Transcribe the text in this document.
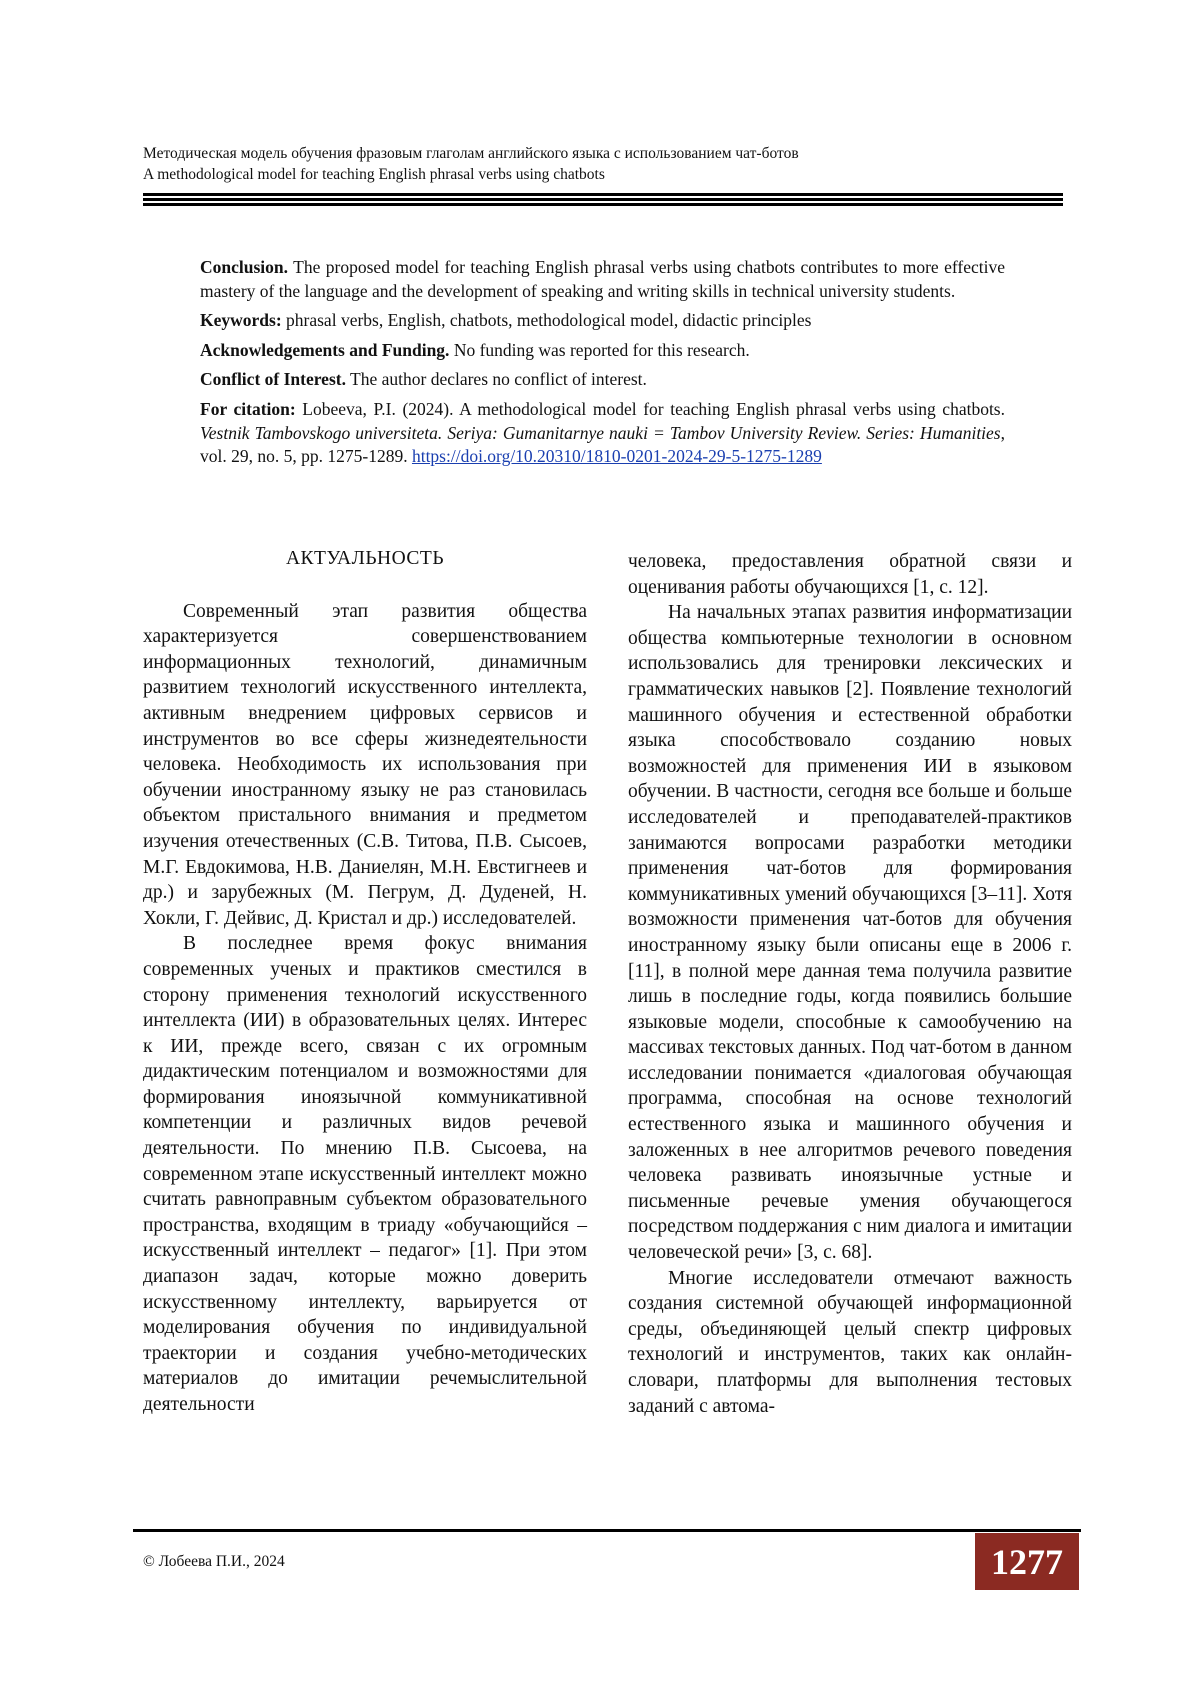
Методическая модель обучения фразовым глаголам английского языка с использованием чат-ботов
A methodological model for teaching English phrasal verbs using chatbots

Conclusion. The proposed model for teaching English phrasal verbs using chatbots contributes to more effective mastery of the language and the development of speaking and writing skills in technical university students.

Keywords: phrasal verbs, English, chatbots, methodological model, didactic principles

Acknowledgements and Funding. No funding was reported for this research.

Conflict of Interest. The author declares no conflict of interest.

For citation: Lobeeva, P.I. (2024). A methodological model for teaching English phrasal verbs using chatbots. Vestnik Tambovskogo universiteta. Seriya: Gumanitarnye nauki = Tambov University Review. Series: Humanities, vol. 29, no. 5, pp. 1275-1289. https://doi.org/10.20310/1810-0201-2024-29-5-1275-1289

АКТУАЛЬНОСТЬ

Современный этап развития общества характеризуется совершенствованием информационных технологий, динамичным развитием технологий искусственного интеллекта, активным внедрением цифровых сервисов и инструментов во все сферы жизнедеятельности человека. Необходимость их использования при обучении иностранному языку не раз становилась объектом пристального внимания и предметом изучения отечественных (С.В. Титова, П.В. Сысоев, М.Г. Евдокимова, Н.В. Даниелян, М.Н. Евстигнеев и др.) и зарубежных (М. Пегрум, Д. Дуденей, Н. Хокли, Г. Дейвис, Д. Кристал и др.) исследователей.

В последнее время фокус внимания современных ученых и практиков сместился в сторону применения технологий искусственного интеллекта (ИИ) в образовательных целях. Интерес к ИИ, прежде всего, связан с их огромным дидактическим потенциалом и возможностями для формирования иноязычной коммуникативной компетенции и различных видов речевой деятельности. По мнению П.В. Сысоева, на современном этапе искусственный интеллект можно считать равноправным субъектом образовательного пространства, входящим в триаду «обучающийся – искусственный интеллект – педагог» [1]. При этом диапазон задач, которые можно доверить искусственному интеллекту, варьируется от моделирования обучения по индивидуальной траектории и создания учебно-методических материалов до имитации речемыслительной деятельности

человека, предоставления обратной связи и оценивания работы обучающихся [1, с. 12].

На начальных этапах развития информатизации общества компьютерные технологии в основном использовались для тренировки лексических и грамматических навыков [2]. Появление технологий машинного обучения и естественной обработки языка способствовало созданию новых возможностей для применения ИИ в языковом обучении. В частности, сегодня все больше и больше исследователей и преподавателей-практиков занимаются вопросами разработки методики применения чат-ботов для формирования коммуникативных умений обучающихся [3–11]. Хотя возможности применения чат-ботов для обучения иностранному языку были описаны еще в 2006 г. [11], в полной мере данная тема получила развитие лишь в последние годы, когда появились большие языковые модели, способные к самообучению на массивах текстовых данных. Под чат-ботом в данном исследовании понимается «диалоговая обучающая программа, способная на основе технологий естественного языка и машинного обучения и заложенных в нее алгоритмов речевого поведения человека развивать иноязычные устные и письменные речевые умения обучающегося посредством поддержания с ним диалога и имитации человеческой речи» [3, с. 68].

Многие исследователи отмечают важность создания системной обучающей информационной среды, объединяющей целый спектр цифровых технологий и инструментов, таких как онлайн-словари, платформы для выполнения тестовых заданий с автома-

© Лобеева П.И., 2024	1277
